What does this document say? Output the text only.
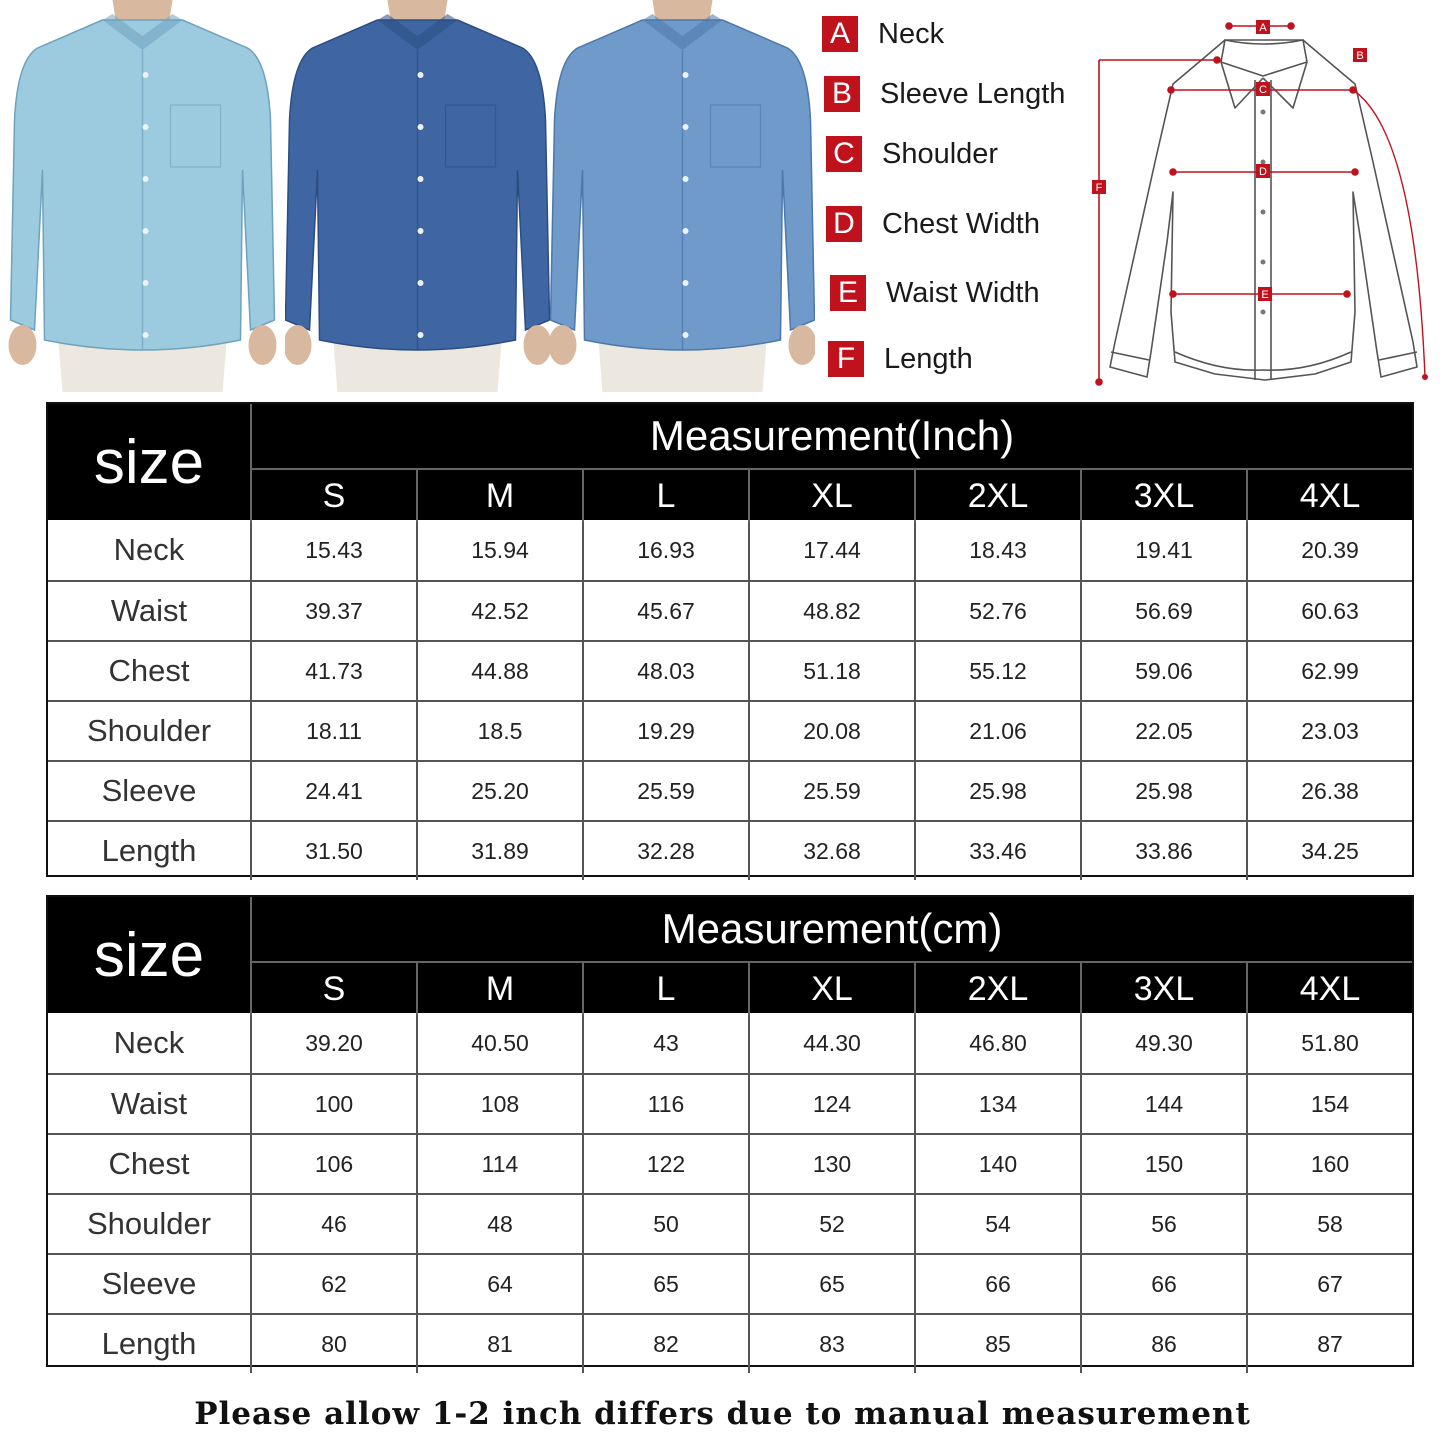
A Neck
B Sleeve Length
C Shoulder
D Chest Width
E Waist Width
F Length
A
B
C
D
E
F
size	Measurement(Inch)
S	M	L	XL	2XL	3XL	4XL
Neck	15.43	15.94	16.93	17.44	18.43	19.41	20.39
Waist	39.37	42.52	45.67	48.82	52.76	56.69	60.63
Chest	41.73	44.88	48.03	51.18	55.12	59.06	62.99
Shoulder	18.11	18.5	19.29	20.08	21.06	22.05	23.03
Sleeve	24.41	25.20	25.59	25.59	25.98	25.98	26.38
Length	31.50	31.89	32.28	32.68	33.46	33.86	34.25
size	Measurement(cm)
S	M	L	XL	2XL	3XL	4XL
Neck	39.20	40.50	43	44.30	46.80	49.30	51.80
Waist	100	108	116	124	134	144	154
Chest	106	114	122	130	140	150	160
Shoulder	46	48	50	52	54	56	58
Sleeve	62	64	65	65	66	66	67
Length	80	81	82	83	85	86	87
Please allow 1-2 inch differs due to manual measurement
